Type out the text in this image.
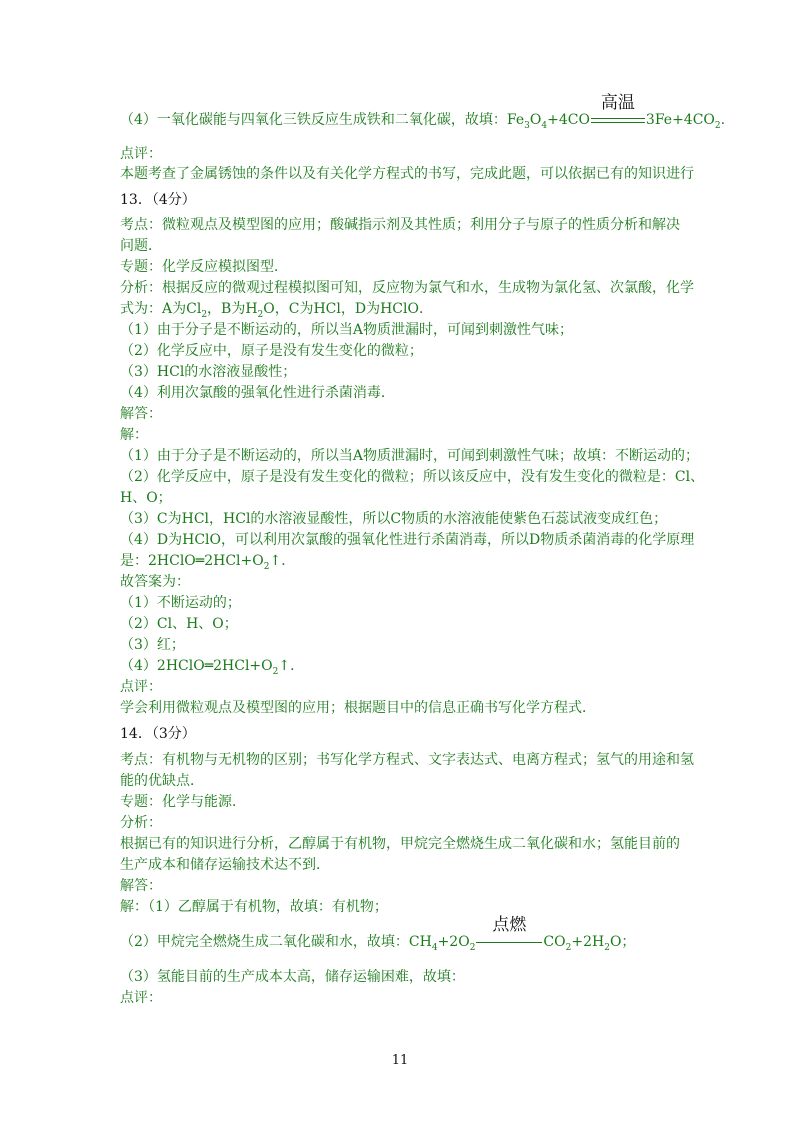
（4）一氧化碳能与四氧化三铁反应生成铁和二氧化碳，故填：$Fe_3O_4+4CO$
高温
$3Fe+4CO_2$.
点评：
本题考查了金属锈蚀的条件以及有关化学方程式的书写，完成此题，可以依据已有的知识进行
13．（4分）
考点：微粒观点及模型图的应用；酸碱指示剂及其性质；利用分子与原子的性质分析和解决
问题．
专题：化学反应模拟图型．
分析：根据反应的微观过程模拟图可知，反应物为氯气和水，生成物为氯化氢、次氯酸，化学
式为：A为$Cl_2$，B为$H_2O$，C为HCl，D为HClO．
（1）由于分子是不断运动的，所以当A物质泄漏时，可闻到刺激性气味；
（2）化学反应中，原子是没有发生变化的微粒；
（3）HCl的水溶液显酸性；
（4）利用次氯酸的强氧化性进行杀菌消毒．
解答：
解：
（1）由于分子是不断运动的，所以当A物质泄漏时，可闻到刺激性气味；故填：不断运动的；
（2）化学反应中，原子是没有发生变化的微粒；所以该反应中，没有发生变化的微粒是：Cl、
H、O；
（3）C为HCl，HCl的水溶液显酸性，所以C物质的水溶液能使紫色石蕊试液变成红色；
（4）D为HClO，可以利用次氯酸的强氧化性进行杀菌消毒，所以D物质杀菌消毒的化学原理
是：$2HClO═2HCl+O_2↑$．
故答案为：
（1）不断运动的；
（2）Cl、H、O；
（3）红；
$(4)2HClO═2HCl+O_2↑$．
点评：
学会利用微粒观点及模型图的应用；根据题目中的信息正确书写化学方程式．
14．（3分）
考点：有机物与无机物的区别；书写化学方程式、文字表达式、电离方程式；氢气的用途和氢
能的优缺点．
专题：化学与能源．
分析：
根据已有的知识进行分析，乙醇属于有机物，甲烷完全燃烧生成二氧化碳和水；氢能目前的
生产成本和储存运输技术达不到．
解答：
解：（1）乙醇属于有机物，故填：有机物；
（2）甲烷完全燃烧生成二氧化碳和水，故填：$CH_4+2O_2$
点燃
$CO_2+2H_2O$；
（3）氢能目前的生产成本太高，储存运输困难，故填：
点评：
11
